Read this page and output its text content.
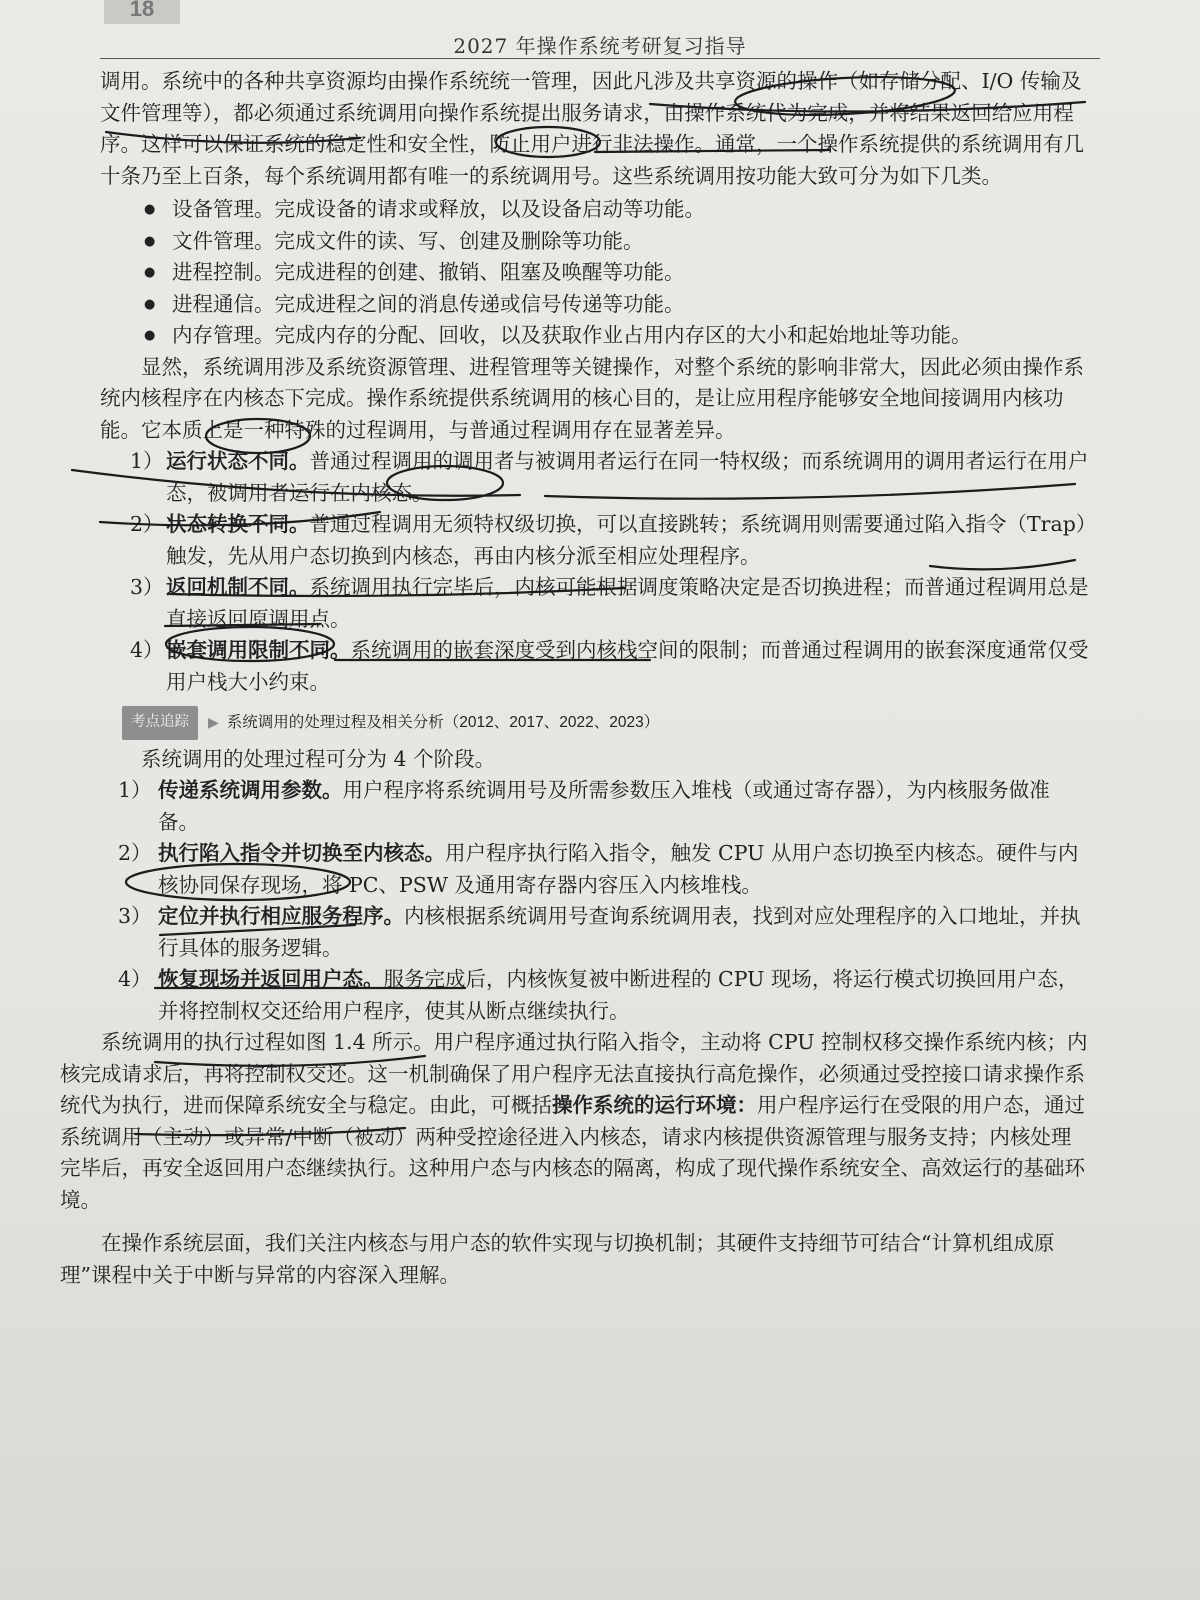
18
2027 年操作系统考研复习指导

调用。系统中的各种共享资源均由操作系统统一管理，因此凡涉及共享资源的操作（如存储分配、I/O 传输及文件管理等），都必须通过系统调用向操作系统提出服务请求，由操作系统代为完成，并将结果返回给应用程序。这样可以保证系统的稳定性和安全性，防止用户进行非法操作。通常，一个操作系统提供的系统调用有几十条乃至上百条，每个系统调用都有唯一的系统调用号。这些系统调用按功能大致可分为如下几类。

● 设备管理。完成设备的请求或释放，以及设备启动等功能。
● 文件管理。完成文件的读、写、创建及删除等功能。
● 进程控制。完成进程的创建、撤销、阻塞及唤醒等功能。
● 进程通信。完成进程之间的消息传递或信号传递等功能。
● 内存管理。完成内存的分配、回收，以及获取作业占用内存区的大小和起始地址等功能。

显然，系统调用涉及系统资源管理、进程管理等关键操作，对整个系统的影响非常大，因此必须由操作系统内核程序在内核态下完成。操作系统提供系统调用的核心目的，是让应用程序能够安全地间接调用内核功能。它本质上是一种特殊的过程调用，与普通过程调用存在显著差异。

1） 运行状态不同。普通过程调用的调用者与被调用者运行在同一特权级；而系统调用的调用者运行在用户态，被调用者运行在内核态。
2） 状态转换不同。普通过程调用无须特权级切换，可以直接跳转；系统调用则需要通过陷入指令（Trap）触发，先从用户态切换到内核态，再由内核分派至相应处理程序。
3） 返回机制不同。系统调用执行完毕后，内核可能根据调度策略决定是否切换进程；而普通过程调用总是直接返回原调用点。
4） 嵌套调用限制不同。系统调用的嵌套深度受到内核栈空间的限制；而普通过程调用的嵌套深度通常仅受用户栈大小约束。
考点追踪	▶ 系统调用的处理过程及相关分析（2012、2017、2022、2023）

系统调用的处理过程可分为 4 个阶段。

1） 传递系统调用参数。用户程序将系统调用号及所需参数压入堆栈（或通过寄存器），为内核服务做准备。
2） 执行陷入指令并切换至内核态。用户程序执行陷入指令，触发 CPU 从用户态切换至内核态。硬件与内核协同保存现场，将 PC、PSW 及通用寄存器内容压入内核堆栈。
3） 定位并执行相应服务程序。内核根据系统调用号查询系统调用表，找到对应处理程序的入口地址，并执行具体的服务逻辑。
4） 恢复现场并返回用户态。服务完成后，内核恢复被中断进程的 CPU 现场，将运行模式切换回用户态，并将控制权交还给用户程序，使其从断点继续执行。

系统调用的执行过程如图 1.4 所示。用户程序通过执行陷入指令，主动将 CPU 控制权移交操作系统内核；内核完成请求后，再将控制权交还。这一机制确保了用户程序无法直接执行高危操作，必须通过受控接口请求操作系统代为执行，进而保障系统安全与稳定。由此，可概括操作系统的运行环境：用户程序运行在受限的用户态，通过系统调用（主动）或异常/中断（被动）两种受控途径进入内核态，请求内核提供资源管理与服务支持；内核处理完毕后，再安全返回用户态继续执行。这种用户态与内核态的隔离，构成了现代操作系统安全、高效运行的基础环境。

在操作系统层面，我们关注内核态与用户态的软件实现与切换机制；其硬件支持细节可结合“计算机组成原理”课程中关于中断与异常的内容深入理解。
